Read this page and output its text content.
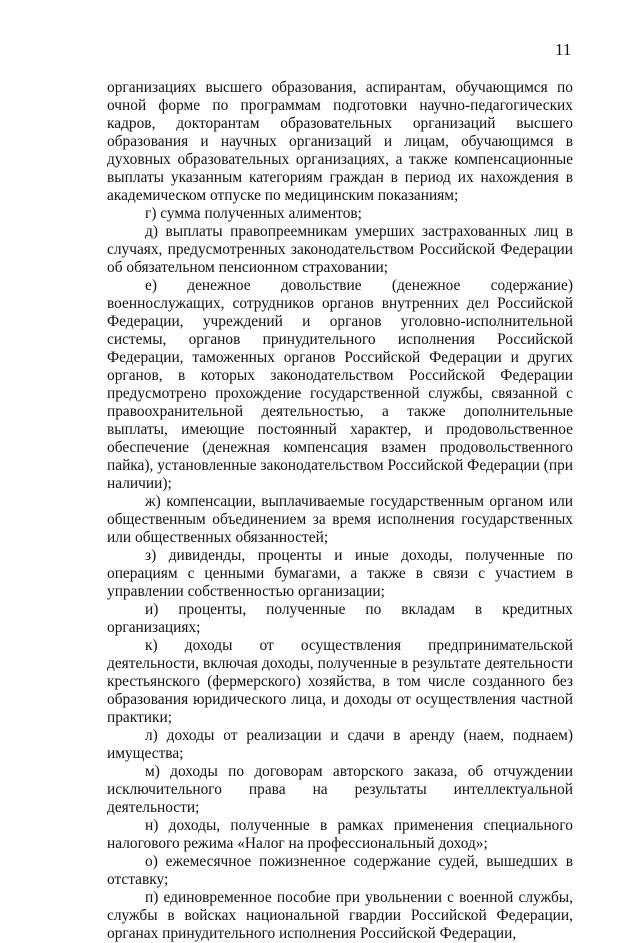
11

организациях высшего образования, аспирантам, обучающимся по очной форме по программам подготовки научно-педагогических кадров, докторантам образовательных организаций высшего образования и научных организаций и лицам, обучающимся в духовных образовательных организациях, а также компенсационные выплаты указанным категориям граждан в период их нахождения в академическом отпуске по медицинским показаниям;

г) сумма полученных алиментов;

д) выплаты правопреемникам умерших застрахованных лиц в случаях, предусмотренных законодательством Российской Федерации об обязательном пенсионном страховании;

е) денежное довольствие (денежное содержание) военнослужащих, сотрудников органов внутренних дел Российской Федерации, учреждений и органов уголовно-исполнительной системы, органов принудительного исполнения Российской Федерации, таможенных органов Российской Федерации и других органов, в которых законодательством Российской Федерации предусмотрено прохождение государственной службы, связанной с правоохранительной деятельностью, а также дополнительные выплаты, имеющие постоянный характер, и продовольственное обеспечение (денежная компенсация взамен продовольственного пайка), установленные законодательством Российской Федерации (при наличии);

ж) компенсации, выплачиваемые государственным органом или общественным объединением за время исполнения государственных или общественных обязанностей;

з) дивиденды, проценты и иные доходы, полученные по операциям с ценными бумагами, а также в связи с участием в управлении собственностью организации;

и) проценты, полученные по вкладам в кредитных организациях;

к) доходы от осуществления предпринимательской деятельности, включая доходы, полученные в результате деятельности крестьянского (фермерского) хозяйства, в том числе созданного без образования юридического лица, и доходы от осуществления частной практики;

л) доходы от реализации и сдачи в аренду (наем, поднаем) имущества;

м) доходы по договорам авторского заказа, об отчуждении исключительного права на результаты интеллектуальной деятельности;

н) доходы, полученные в рамках применения специального налогового режима «Налог на профессиональный доход»;

о) ежемесячное пожизненное содержание судей, вышедших в отставку;

п) единовременное пособие при увольнении с военной службы, службы в войсках национальной гвардии Российской Федерации, органах принудительного исполнения Российской Федерации,
